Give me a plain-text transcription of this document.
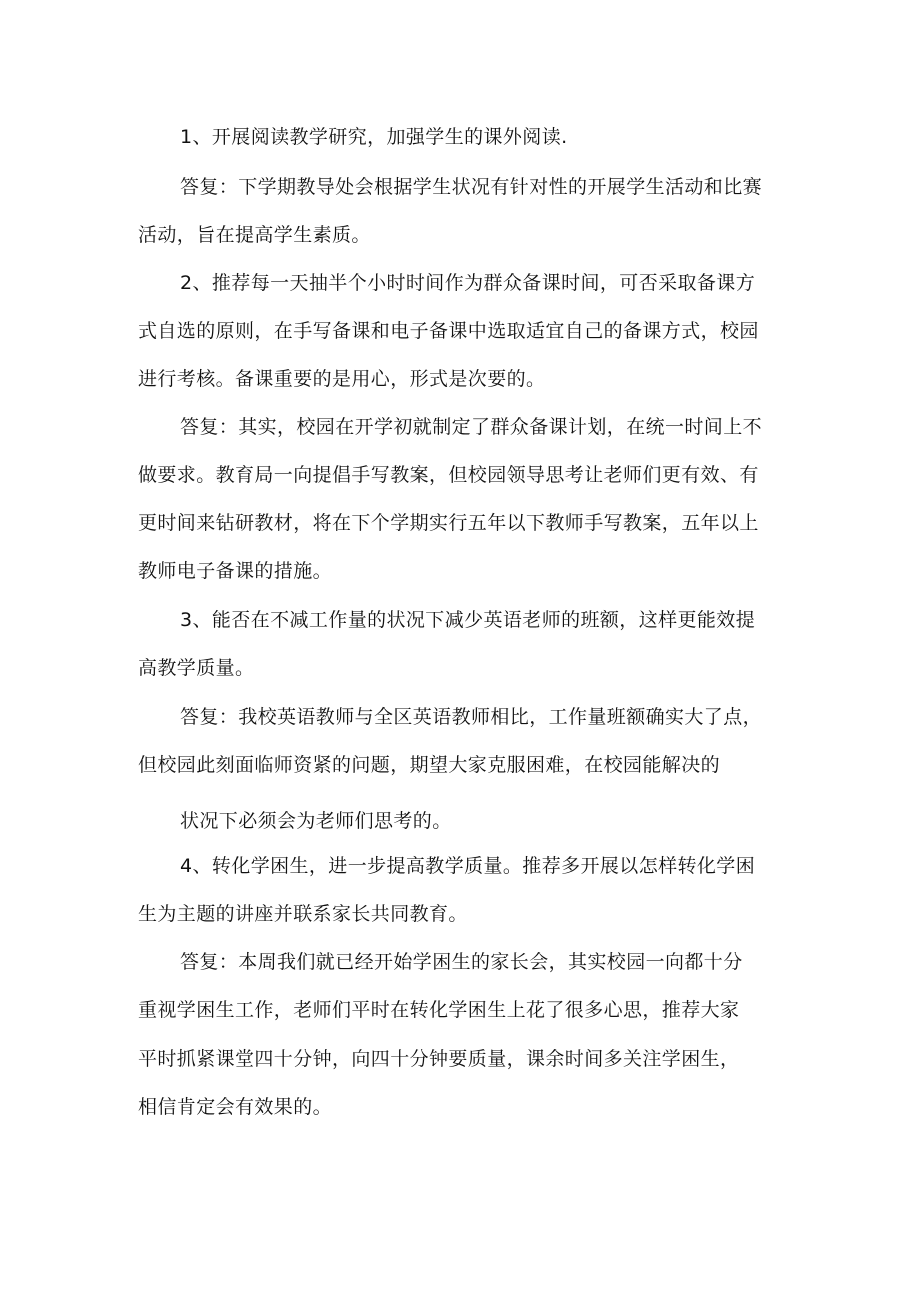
1、开展阅读教学研究，加强学生的课外阅读.
答复：下学期教导处会根据学生状况有针对性的开展学生活动和比赛
活动，旨在提高学生素质。
2、推荐每一天抽半个小时时间作为群众备课时间，可否采取备课方
式自选的原则，在手写备课和电子备课中选取适宜自己的备课方式，校园
进行考核。备课重要的是用心，形式是次要的。
答复：其实，校园在开学初就制定了群众备课计划，在统一时间上不
做要求。教育局一向提倡手写教案，但校园领导思考让老师们更有效、有
更时间来钻研教材，将在下个学期实行五年以下教师手写教案，五年以上
教师电子备课的措施。
3、能否在不减工作量的状况下减少英语老师的班额，这样更能效提
高教学质量。
答复：我校英语教师与全区英语教师相比，工作量班额确实大了点，
但校园此刻面临师资紧的问题，期望大家克服困难，在校园能解决的
状况下必须会为老师们思考的。
4、转化学困生，进一步提高教学质量。推荐多开展以怎样转化学困
生为主题的讲座并联系家长共同教育。
答复：本周我们就已经开始学困生的家长会，其实校园一向都十分
重视学困生工作，老师们平时在转化学困生上花了很多心思，推荐大家
平时抓紧课堂四十分钟，向四十分钟要质量，课余时间多关注学困生，
相信肯定会有效果的。
